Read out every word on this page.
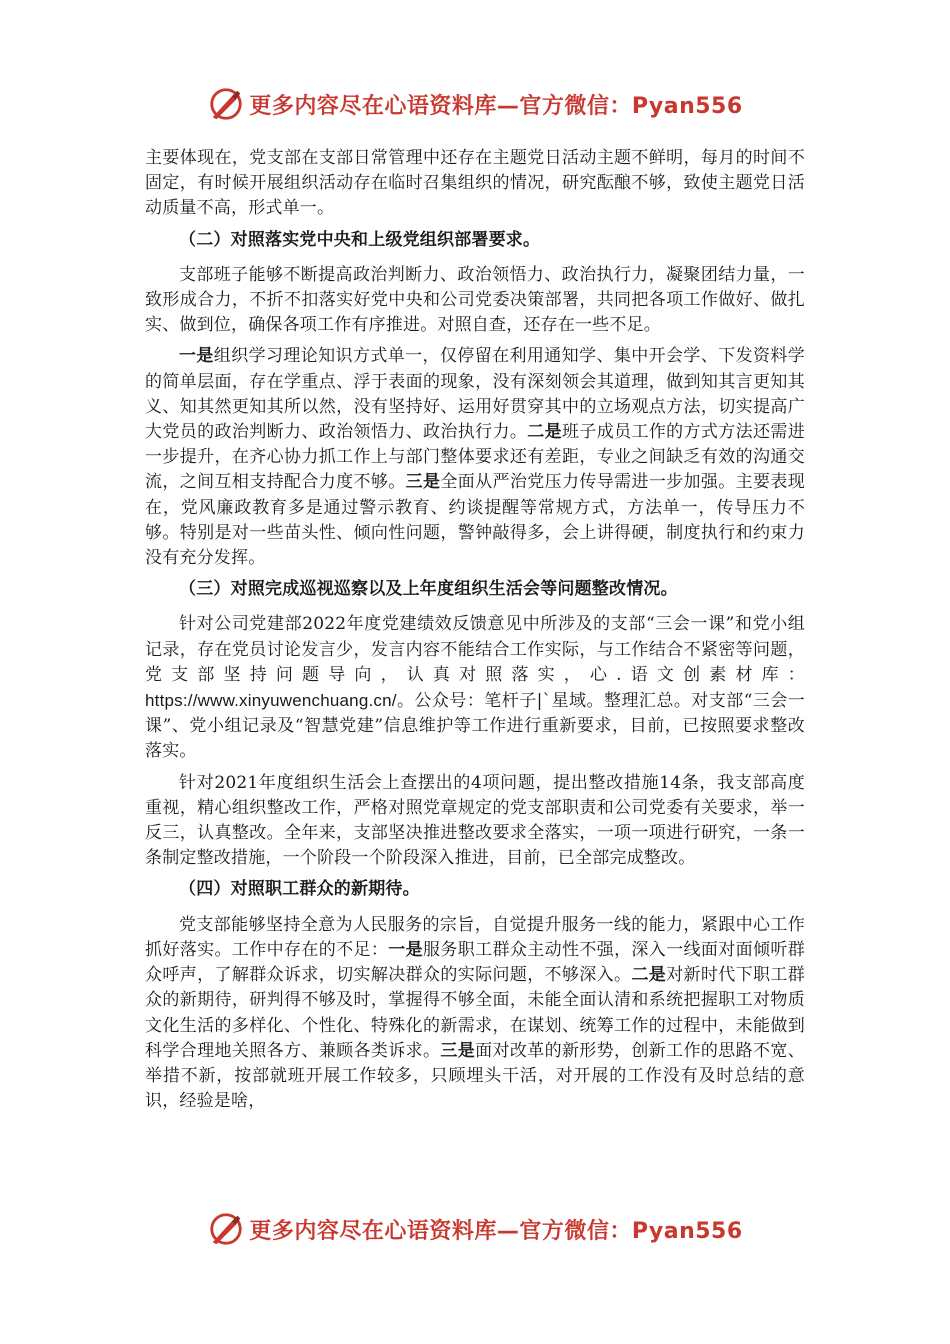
更多内容尽在心语资料库—官方微信：Pyan556

主要体现在，党支部在支部日常管理中还存在主题党日活动主题不鲜明，每月的时间不固定，有时候开展组织活动存在临时召集组织的情况，研究酝酿不够，致使主题党日活动质量不高，形式单一。

（二）对照落实党中央和上级党组织部署要求。

支部班子能够不断提高政治判断力、政治领悟力、政治执行力，凝聚团结力量，一致形成合力，不折不扣落实好党中央和公司党委决策部署，共同把各项工作做好、做扎实、做到位，确保各项工作有序推进。对照自查，还存在一些不足。

一是组织学习理论知识方式单一，仅停留在利用通知学、集中开会学、下发资料学的简单层面，存在学重点、浮于表面的现象，没有深刻领会其道理，做到知其言更知其义、知其然更知其所以然，没有坚持好、运用好贯穿其中的立场观点方法，切实提高广大党员的政治判断力、政治领悟力、政治执行力。二是班子成员工作的方式方法还需进一步提升，在齐心协力抓工作上与部门整体要求还有差距，专业之间缺乏有效的沟通交流，之间互相支持配合力度不够。三是全面从严治党压力传导需进一步加强。主要表现在，党风廉政教育多是通过警示教育、约谈提醒等常规方式，方法单一，传导压力不够。特别是对一些苗头性、倾向性问题，警钟敲得多，会上讲得硬，制度执行和约束力没有充分发挥。

（三）对照完成巡视巡察以及上年度组织生活会等问题整改情况。

针对公司党建部2022年度党建绩效反馈意见中所涉及的支部“三会一课”和党小组记录，存在党员讨论发言少，发言内容不能结合工作实际，与工作结合不紧密等问题，党支部坚持问题导向，认真对照落实，心.语文创素材库：https://www.xinyuwenchuang.cn/。公众号：笔杆子|`星域。整理汇总。对支部“三会一课”、党小组记录及“智慧党建”信息维护等工作进行重新要求，目前，已按照要求整改落实。

针对2021年度组织生活会上查摆出的4项问题，提出整改措施14条，我支部高度重视，精心组织整改工作，严格对照党章规定的党支部职责和公司党委有关要求，举一反三，认真整改。全年来，支部坚决推进整改要求全落实，一项一项进行研究，一条一条制定整改措施，一个阶段一个阶段深入推进，目前，已全部完成整改。

（四）对照职工群众的新期待。

党支部能够坚持全意为人民服务的宗旨，自觉提升服务一线的能力，紧跟中心工作抓好落实。工作中存在的不足：一是服务职工群众主动性不强，深入一线面对面倾听群众呼声，了解群众诉求，切实解决群众的实际问题，不够深入。二是对新时代下职工群众的新期待，研判得不够及时，掌握得不够全面，未能全面认清和系统把握职工对物质文化生活的多样化、个性化、特殊化的新需求，在谋划、统筹工作的过程中，未能做到科学合理地关照各方、兼顾各类诉求。三是面对改革的新形势，创新工作的思路不宽、举措不新，按部就班开展工作较多，只顾埋头干活，对开展的工作没有及时总结的意识，经验是啥，

更多内容尽在心语资料库—官方微信：Pyan556
